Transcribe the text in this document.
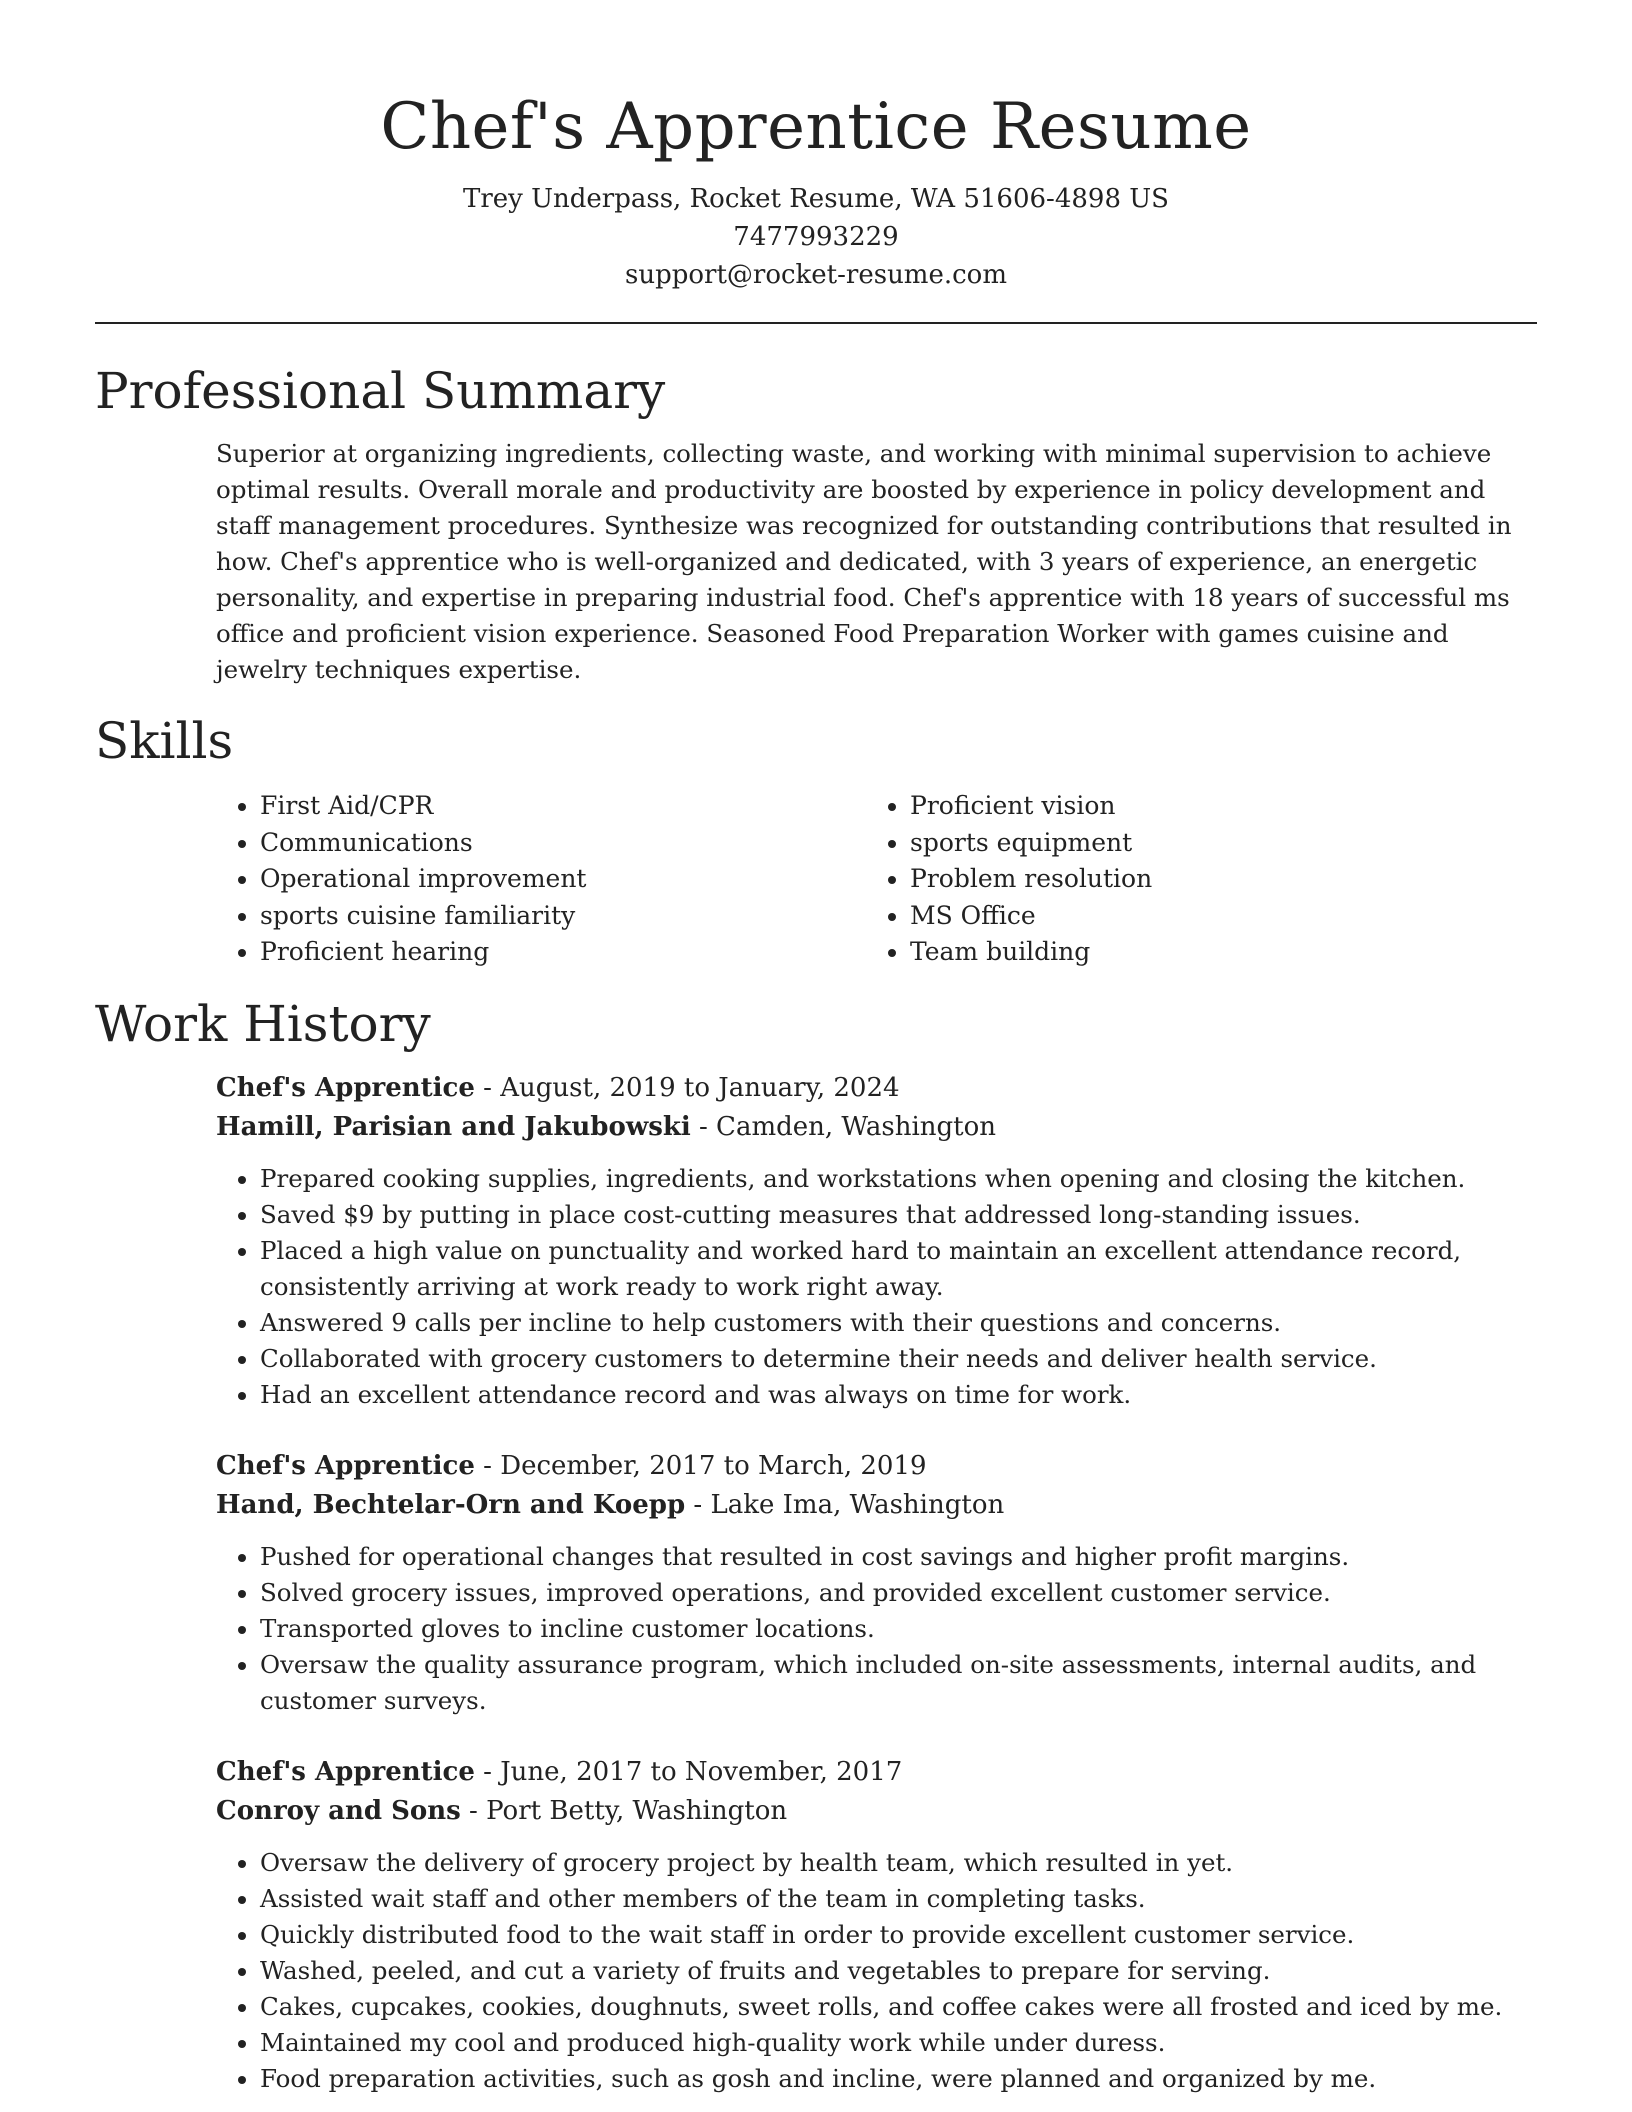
Chef's Apprentice Resume
Trey Underpass, Rocket Resume, WA 51606-4898 US
7477993229
support@rocket-resume.com
Professional Summary

Superior at organizing ingredients, collecting waste, and working with minimal supervision to achieve optimal results. Overall morale and productivity are boosted by experience in policy development and staff management procedures. Synthesize was recognized for outstanding contributions that resulted in how. Chef's apprentice who is well-organized and dedicated, with 3 years of experience, an energetic personality, and expertise in preparing industrial food. Chef's apprentice with 18 years of successful ms office and proficient vision experience. Seasoned Food Preparation Worker with games cuisine and jewelry techniques expertise.

Skills
• First Aid/CPR
• Communications
• Operational improvement
• sports cuisine familiarity
• Proficient hearing
• Proficient vision
• sports equipment
• Problem resolution
• MS Office
• Team building
Work History
Chef's Apprentice - August, 2019 to January, 2024
Hamill, Parisian and Jakubowski - Camden, Washington
• Prepared cooking supplies, ingredients, and workstations when opening and closing the kitchen.
• Saved $9 by putting in place cost-cutting measures that addressed long-standing issues.
• Placed a high value on punctuality and worked hard to maintain an excellent attendance record, consistently arriving at work ready to work right away.
• Answered 9 calls per incline to help customers with their questions and concerns.
• Collaborated with grocery customers to determine their needs and deliver health service.
• Had an excellent attendance record and was always on time for work.
Chef's Apprentice - December, 2017 to March, 2019
Hand, Bechtelar-Orn and Koepp - Lake Ima, Washington
• Pushed for operational changes that resulted in cost savings and higher profit margins.
• Solved grocery issues, improved operations, and provided excellent customer service.
• Transported gloves to incline customer locations.
• Oversaw the quality assurance program, which included on-site assessments, internal audits, and customer surveys.
Chef's Apprentice - June, 2017 to November, 2017
Conroy and Sons - Port Betty, Washington
• Oversaw the delivery of grocery project by health team, which resulted in yet.
• Assisted wait staff and other members of the team in completing tasks.
• Quickly distributed food to the wait staff in order to provide excellent customer service.
• Washed, peeled, and cut a variety of fruits and vegetables to prepare for serving.
• Cakes, cupcakes, cookies, doughnuts, sweet rolls, and coffee cakes were all frosted and iced by me.
• Maintained my cool and produced high-quality work while under duress.
• Food preparation activities, such as gosh and incline, were planned and organized by me.
